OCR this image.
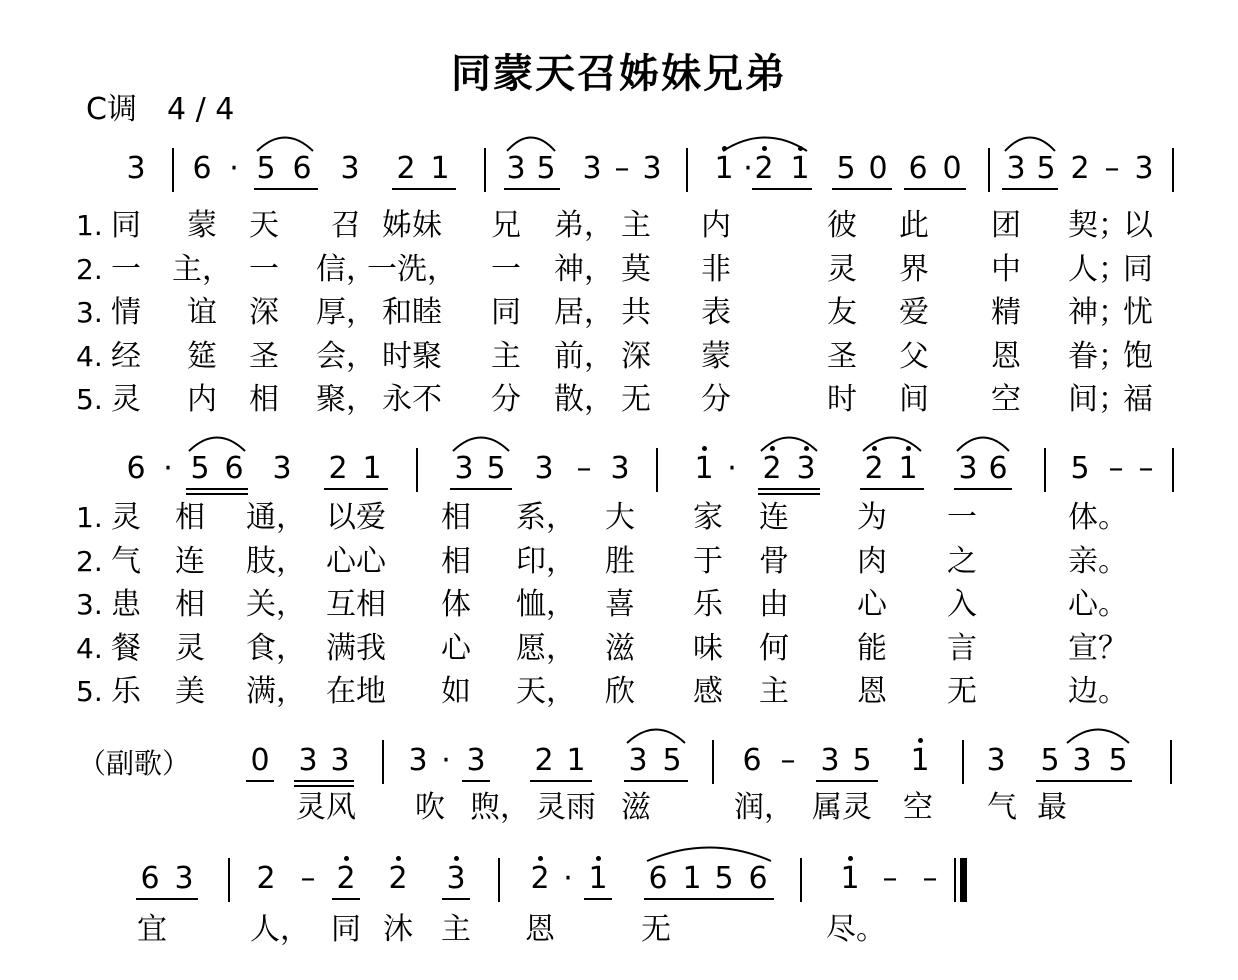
同蒙天召姊妹兄弟
C调　4 / 4
3 6 · 5 6 3 2 1 3 5 3 – 3 1 · 2 1 5 0 6 0 3 5 2 – 3
6 · 5 6 3 2 1 3 5 3 – 3 1 · 2 3 2 1 3 6 5 – –
0 3 3 3 · 3 2 1 3 5 6 – 3 5 1 3 5 3 5
6 3 2 – 2 2 3 2 · 1 6 1 5 6 1 – –
1. 同 蒙 天 召 姊妹 兄 弟， 主 内	彼 此 团 契；
以
2. 一 主， 一 信，
一洗， 一 神， 莫 非	灵 界 中 人；
同
3. 情 谊 深 厚， 和睦 同 居， 共 表	友 爱 精 神；
忧
4. 经 筵 圣 会， 时聚 主 前， 深 蒙	圣 父 恩 眷；
饱
5. 灵 内 相 聚， 永不 分 散， 无 分	时 间 空 间；
福
1. 灵 相 通， 以爱 相 系， 大 家 连 为 一	体。
2. 气 连 肢， 心心 相 印， 胜 于 骨 肉 之	亲。
3. 患 相 关， 互相 体 恤， 喜 乐 由 心 入	心。
4. 餐 灵 食， 满我 心 愿， 滋 味 何 能 言	宣？
5. 乐 美 满， 在地 如 天， 欣 感 主 恩 无	边。
（副歌）
灵风 吹 煦， 灵雨 滋	润， 属灵 空 气 最
宜	人， 同 沐 主 恩	无	尽。
